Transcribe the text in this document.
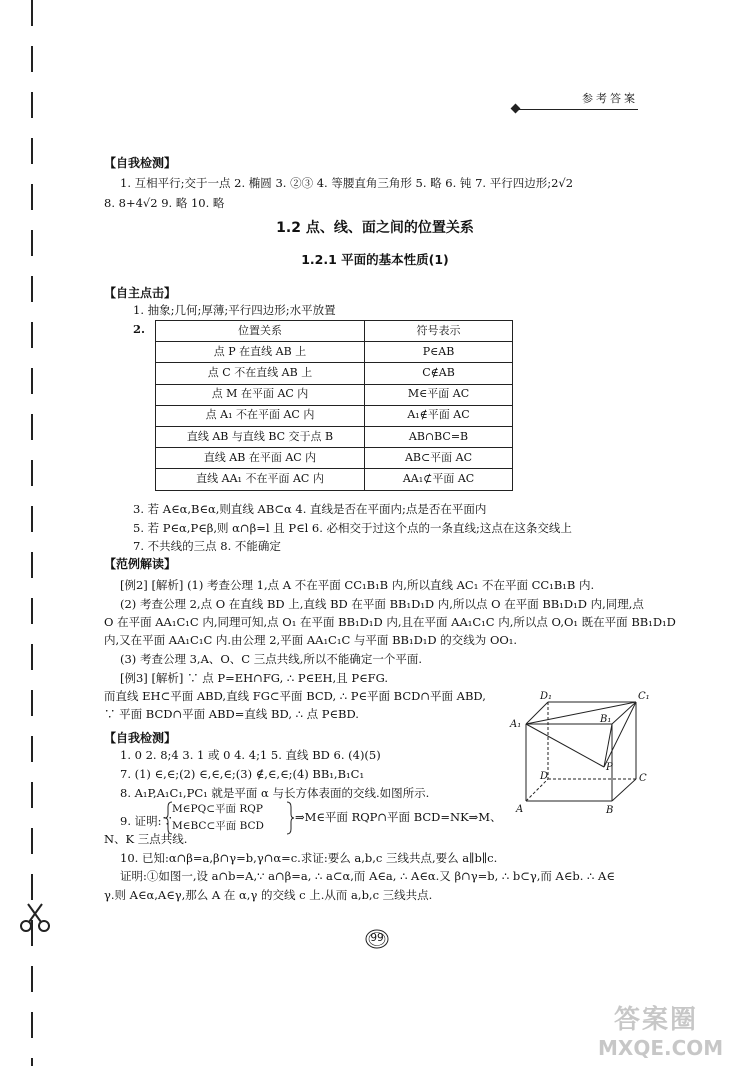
参考答案
【自我检测】
1. 互相平行;交于一点 2. 椭圆 3. ②③ 4. 等腰直角三角形 5. 略 6. 钝 7. 平行四边形;2√2
8. 8+4√2 9. 略 10. 略
1.2 点、线、面之间的位置关系
1.2.1 平面的基本性质(1)
【自主点击】
1. 抽象;几何;厚薄;平行四边形;水平放置
2.	位置关系	符号表示
点 P 在直线 AB 上	P∈AB
点 C 不在直线 AB 上	C∉AB
点 M 在平面 AC 内	M∈平面 AC
点 A₁ 不在平面 AC 内	A₁∉平面 AC
直线 AB 与直线 BC 交于点 B	AB∩BC=B
直线 AB 在平面 AC 内	AB⊂平面 AC
直线 AA₁ 不在平面 AC 内	AA₁⊄平面 AC
3. 若 A∈α,B∈α,则直线 AB⊂α 4. 直线是否在平面内;点是否在平面内
5. 若 P∈α,P∈β,则 α∩β=l 且 P∈l 6. 必相交于过这个点的一条直线;这点在这条交线上
7. 不共线的三点 8. 不能确定
【范例解读】
[例2] [解析] (1) 考查公理 1,点 A 不在平面 CC₁B₁B 内,所以直线 AC₁ 不在平面 CC₁B₁B 内.
(2) 考查公理 2,点 O 在直线 BD 上,直线 BD 在平面 BB₁D₁D 内,所以点 O 在平面 BB₁D₁D 内,同理,点
O 在平面 AA₁C₁C 内,同理可知,点 O₁ 在平面 BB₁D₁D 内,且在平面 AA₁C₁C 内,所以点 O,O₁ 既在平面 BB₁D₁D
内,又在平面 AA₁C₁C 内.由公理 2,平面 AA₁C₁C 与平面 BB₁D₁D 的交线为 OO₁.
(3) 考查公理 3,A、O、C 三点共线,所以不能确定一个平面.
[例3] [解析] ∵ 点 P=EH∩FG, ∴ P∈EH,且 P∈FG.
而直线 EH⊂平面 ABD,直线 FG⊂平面 BCD, ∴ P∈平面 BCD∩平面 ABD,
∵ 平面 BCD∩平面 ABD=直线 BD, ∴ 点 P∈BD.
【自我检测】
1. 0 2. 8;4 3. 1 或 0 4. 4;1 5. 直线 BD 6. (4)(5)
7. (1) ∈,∈;(2) ∈,∈,∈;(3) ∉,∈,∈;(4) BB₁,B₁C₁
8. A₁P,A₁C₁,PC₁ 就是平面 α 与长方体表面的交线.如图所示.
9. 证明:∵
M∈PQ⊂平面 RQP
M∈BC⊂平面 BCD
⇒M∈平面 RQP∩平面 BCD=NK⇒M、
N、K 三点共线.
10. 已知:α∩β=a,β∩γ=b,γ∩α=c.求证:要么 a,b,c 三线共点,要么 a∥b∥c.
证明:①如图一,设 a∩b=A,∵ a∩β=a, ∴ a⊂α,而 A∈a, ∴ A∈α.又 β∩γ=b, ∴ b⊂γ,而 A∈b. ∴ A∈
γ.则 A∈α,A∈γ,那么 A 在 α,γ 的交线 c 上.从而 a,b,c 三线共点.
D₁	C₁
A₁	B₁
P
D	C
A	B
99
答案圈
MXQE.COM
